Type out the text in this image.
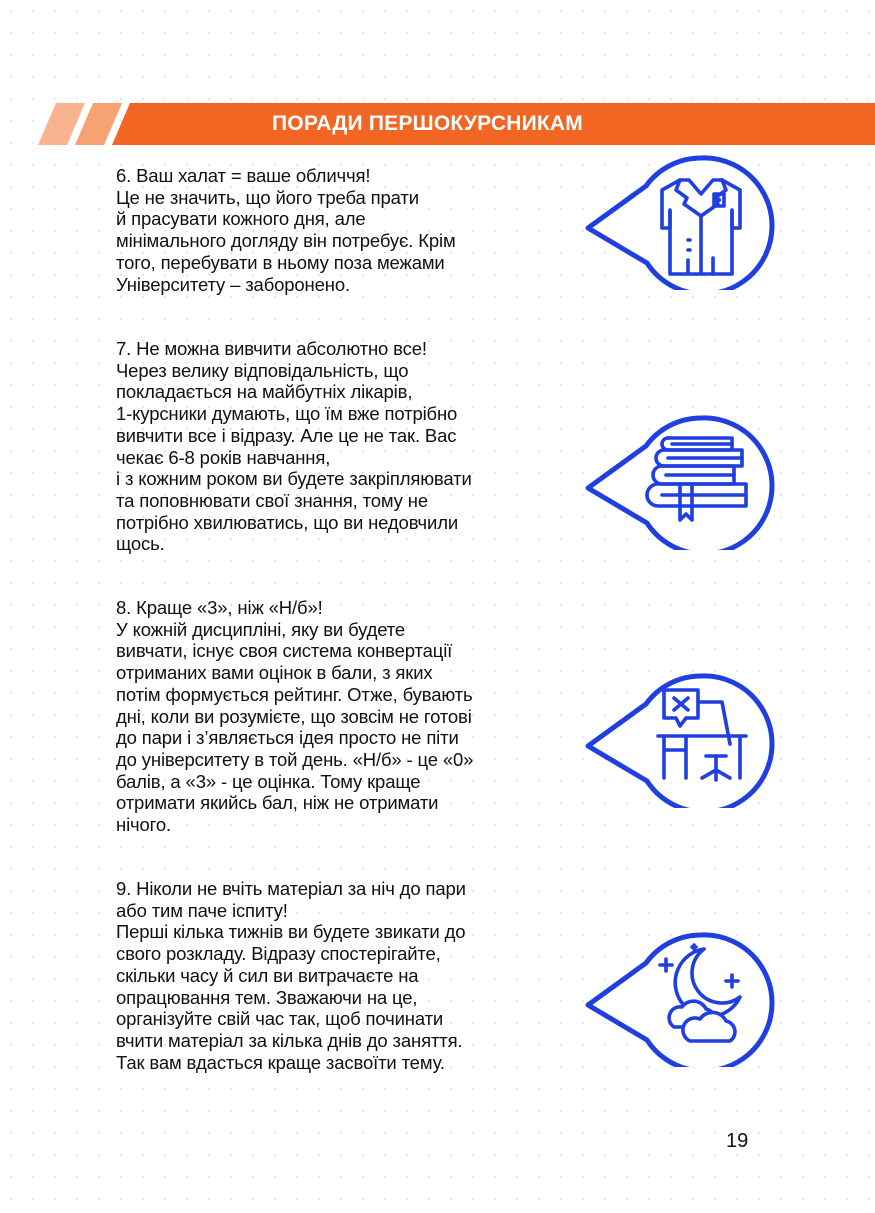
ПОРАДИ ПЕРШОКУРСНИКАМ
6. Ваш халат = ваше обличчя!
Це не значить, що його треба прати
й прасувати кожного дня, але
мінімального догляду він потребує. Крім
того, перебувати в ньому поза межами
Університету – заборонено.
7. Не можна вивчити абсолютно все!
Через велику відповідальність, що
покладається на майбутніх лікарів,
1-курсники думають, що їм вже потрібно
вивчити все і відразу. Але це не так. Вас
чекає 6-8 років навчання,
і з кожним роком ви будете закріпляювати
та поповнювати свої знання, тому не
потрібно хвилюватись, що ви недовчили
щось.
8. Краще «3», ніж «Н/б»!
У кожній дисципліні, яку ви будете
вивчати, існує своя система конвертації
отриманих вами оцінок в бали, з яких
потім формується рейтинг. Отже, бувають
дні, коли ви розумієте, що зовсім не готові
до пари і з’являється ідея просто не піти
до університету в той день. «Н/б» - це «0»
балів, а «3» - це оцінка. Тому краще
отримати якийсь бал, ніж не отримати
нічого.
9. Ніколи не вчіть матеріал за ніч до пари
або тим паче іспиту!
Перші кілька тижнів ви будете звикати до
свого розкладу. Відразу спостерігайте,
скільки часу й сил ви витрачаєте на
опрацювання тем. Зважаючи на це,
організуйте свій час так, щоб починати
вчити матеріал за кілька днів до заняття.
Так вам вдасться краще засвоїти тему.
19
